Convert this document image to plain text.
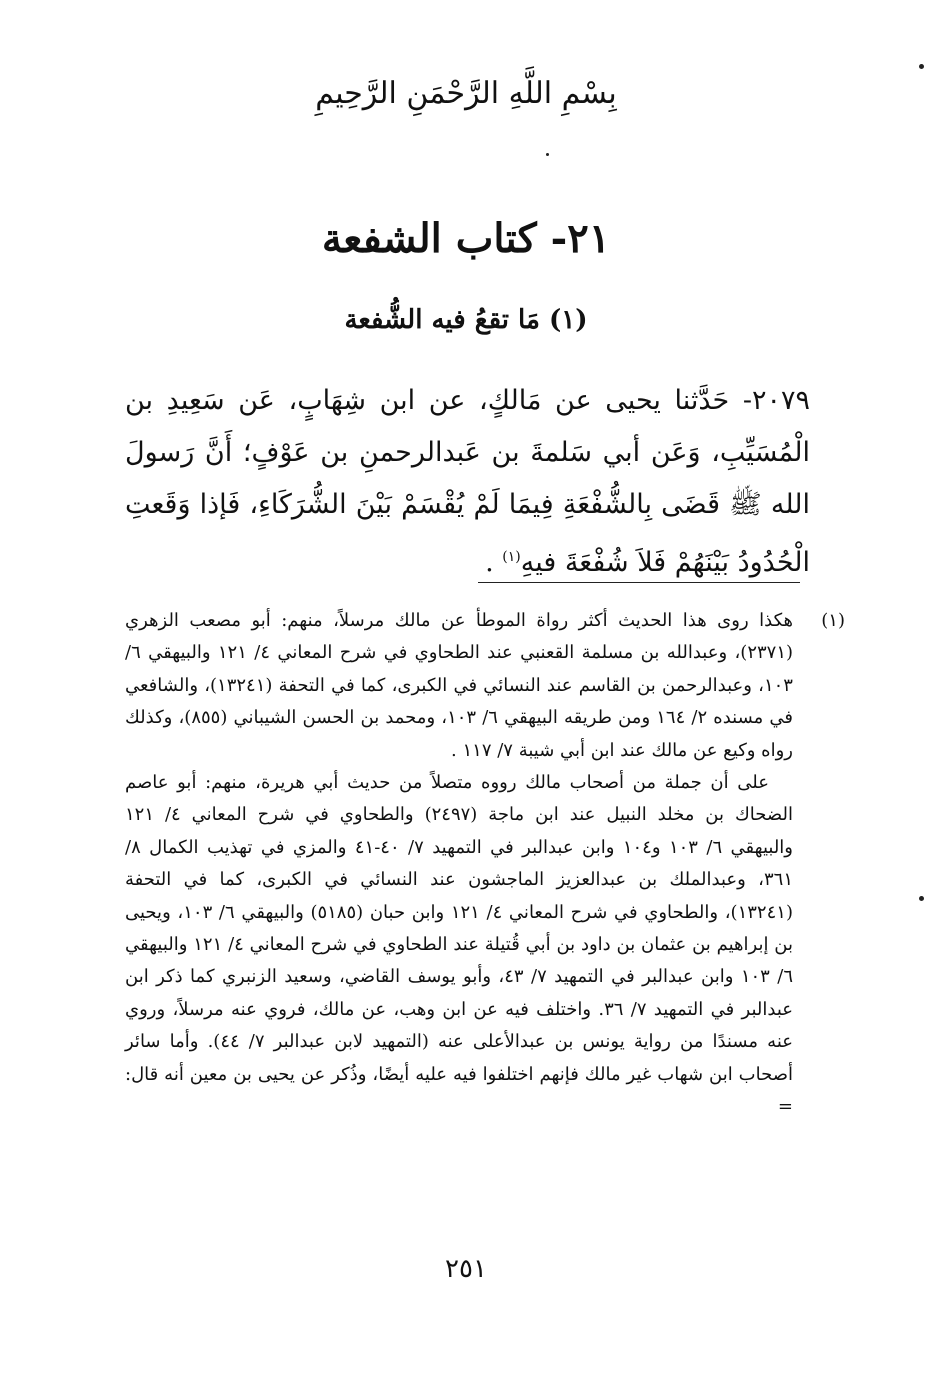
بِسْمِ اللَّهِ الرَّحْمَنِ الرَّحِيمِ
٢١- كتاب الشفعة
(١) مَا تقعُ فيه الشُّفعة
٢٠٧٩- حَدَّثنا يحيى عن مَالكٍ، عن ابن شِهَابٍ، عَن سَعِيدِ بن الْمُسَيِّبِ، وَعَن أبي سَلمةَ بن عَبدالرحمنِ بن عَوْفٍ؛ أَنَّ رَسولَ الله ﷺ قَضَى بِالشُّفْعَةِ فِيمَا لَمْ يُقْسَمْ بَيْنَ الشُّرَكَاءِ، فَإذا وَقَعتِ الْحُدُودُ بَيْنَهُمْ فَلاَ شُفْعَةَ فيهِ$^{(١)}$ .

(١)
هكذا روى هذا الحديث أكثر رواة الموطأ عن مالك مرسلاً، منهم: أبو مصعب الزهري (٢٣٧١)، وعبدالله بن مسلمة القعنبي عند الطحاوي في شرح المعاني ٤/ ١٢١ والبيهقي ٦/ ١٠٣، وعبدالرحمن بن القاسم عند النسائي في الكبرى، كما في التحفة (١٣٢٤١)، والشافعي في مسنده ٢/ ١٦٤ ومن طريقه البيهقي ٦/ ١٠٣، ومحمد بن الحسن الشيباني (٨٥٥)، وكذلك رواه وكيع عن مالك عند ابن أبي شيبة ٧/ ١١٧ .

على أن جملة من أصحاب مالك رووه متصلاً من حديث أبي هريرة، منهم: أبو عاصم الضحاك بن مخلد النبيل عند ابن ماجة (٢٤٩٧) والطحاوي في شرح المعاني ٤/ ١٢١ والبيهقي ٦/ ١٠٣ و١٠٤ وابن عبدالبر في التمهيد ٧/ ٤٠-٤١ والمزي في تهذيب الكمال ٨/ ٣٦١، وعبدالملك بن عبدالعزيز الماجشون عند النسائي في الكبرى، كما في التحفة (١٣٢٤١)، والطحاوي في شرح المعاني ٤/ ١٢١ وابن حبان (٥١٨٥) والبيهقي ٦/ ١٠٣، ويحيى بن إبراهيم بن عثمان بن داود بن أبي قُتيلة عند الطحاوي في شرح المعاني ٤/ ١٢١ والبيهقي ٦/ ١٠٣ وابن عبدالبر في التمهيد ٧/ ٤٣، وأبو يوسف القاضي، وسعيد الزنبري كما ذكر ابن عبدالبر في التمهيد ٧/ ٣٦. واختلف فيه عن ابن وهب، عن مالك، فروي عنه مرسلاً، وروي عنه مسندًا من رواية يونس بن عبدالأعلى عنه (التمهيد لابن عبدالبر ٧/ ٤٤). وأما سائر أصحاب ابن شهاب غير مالك فإنهم اختلفوا فيه عليه أيضًا، وذُكر عن يحيى بن معين أنه قال: =

٢٥١
